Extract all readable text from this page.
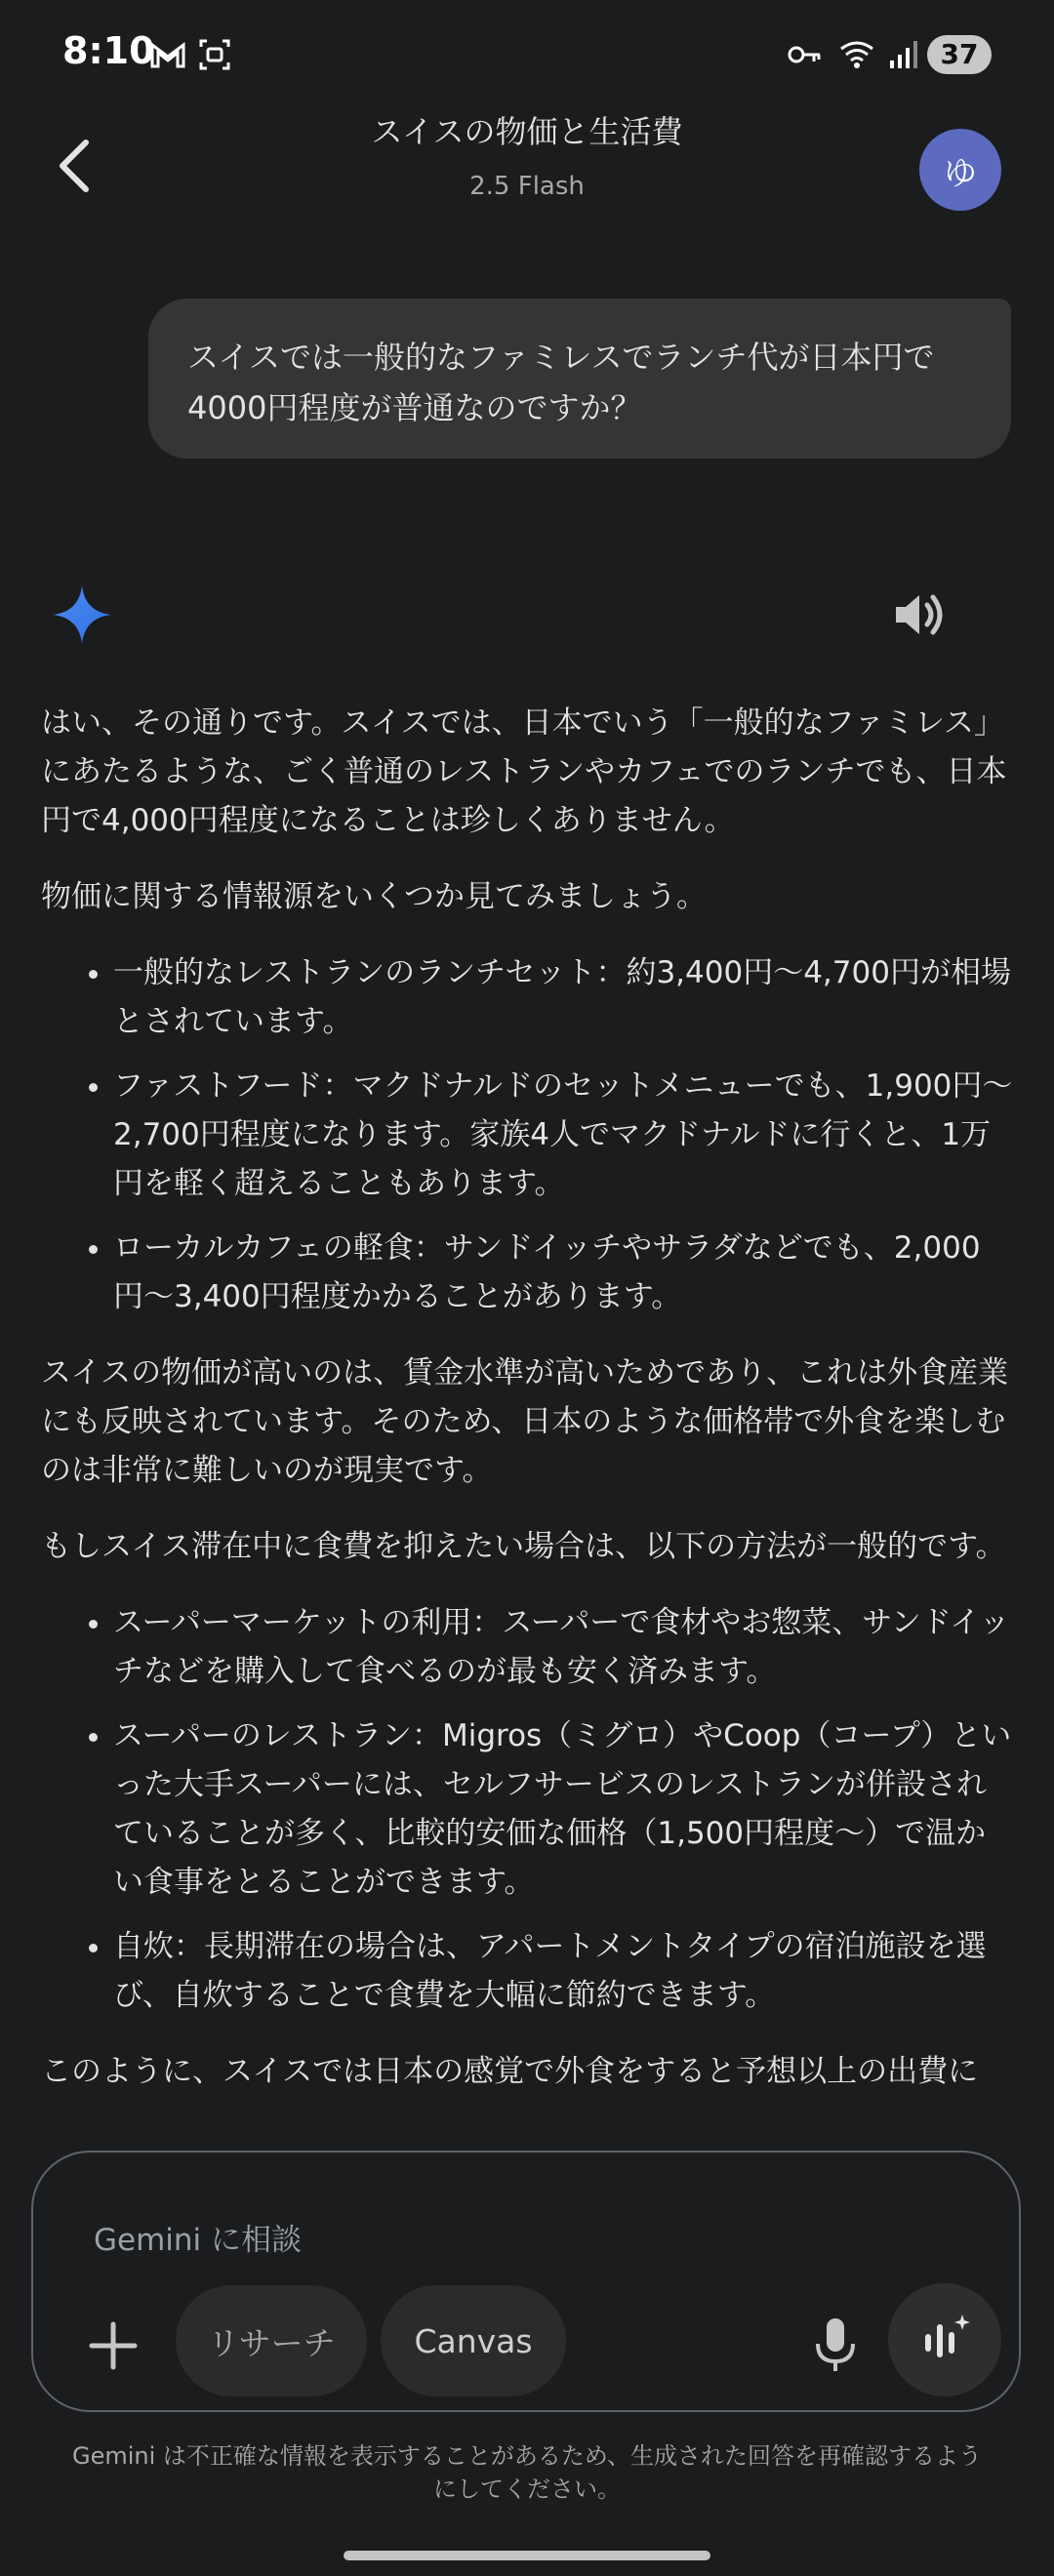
8:10	37
スイスの物価と生活費
2.5 Flash	ゆ
スイスでは一般的なファミレスでランチ代が日本円で4000円程度が普通なのですか？

はい、その通りです。スイスでは、日本でいう「一般的なファミレス」にあたるような、ごく普通のレストランやカフェでのランチでも、日本円で4,000円程度になることは珍しくありません。

物価に関する情報源をいくつか見てみましょう。

• 一般的なレストランのランチセット：約3,400円〜4,700円が相場とされています。
• ファストフード：マクドナルドのセットメニューでも、1,900円〜2,700円程度になります。家族4人でマクドナルドに行くと、1万円を軽く超えることもあります。
• ローカルカフェの軽食：サンドイッチやサラダなどでも、2,000円〜3,400円程度かかることがあります。

スイスの物価が高いのは、賃金水準が高いためであり、これは外食産業にも反映されています。そのため、日本のような価格帯で外食を楽しむのは非常に難しいのが現実です。

もしスイス滞在中に食費を抑えたい場合は、以下の方法が一般的です。

• スーパーマーケットの利用：スーパーで食材やお惣菜、サンドイッチなどを購入して食べるのが最も安く済みます。
• スーパーのレストラン：Migros（ミグロ）やCoop（コープ）といった大手スーパーには、セルフサービスのレストランが併設されていることが多く、比較的安価な価格（1,500円程度〜）で温かい食事をとることができます。
• 自炊：長期滞在の場合は、アパートメントタイプの宿泊施設を選び、自炊することで食費を大幅に節約できます。

このように、スイスでは日本の感覚で外食をすると予想以上の出費に

Gemini に相談
リサーチ	Canvas
Gemini は不正確な情報を表示することがあるため、生成された回答を再確認するようにしてください。
